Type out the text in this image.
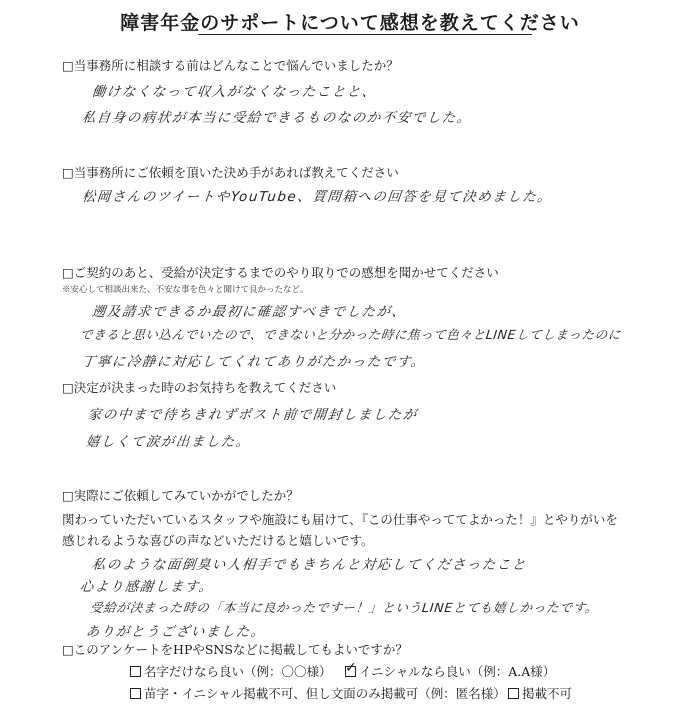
障害年金のサポートについて感想を教えてください
□当事務所に相談する前はどんなことで悩んでいましたか？
働けなくなって収入がなくなったことと、
私自身の病状が本当に受給できるものなのか不安でした。
□当事務所にご依頼を頂いた決め手があれば教えてください
松岡さんのツイートやYouTube、質問箱への回答を見て決めました。
□ご契約のあと、受給が決定するまでのやり取りでの感想を聞かせてください
※安心して相談出来た、不安な事を色々と聞けて良かったなど。
遡及請求できるか最初に確認すべきでしたが、
できると思い込んでいたので、できないと分かった時に焦って色々とLINEしてしまったのに
丁寧に冷静に対応してくれてありがたかったです。
□決定が決まった時のお気持ちを教えてください
家の中まで待ちきれずポスト前で開封しましたが
嬉しくて涙が出ました。
□実際にご依頼してみていかがでしたか？
関わっていただいているスタッフや施設にも届けて、『この仕事やっててよかった！』とやりがいを
感じれるような喜びの声などいただけると嬉しいです。
私のような面倒臭い人相手でもきちんと対応してくださったこと
心より感謝します。
受給が決まった時の「本当に良かったですー！」というLINEとても嬉しかったです。
ありがとうございました。
□このアンケートをHPやSNSなどに掲載してもよいですか？
名字だけなら良い（例：〇〇様）
✓	イニシャルなら良い（例：A.A様）
苗字・イニシャル掲載不可、但し文面のみ掲載可（例：匿名様）	掲載不可
